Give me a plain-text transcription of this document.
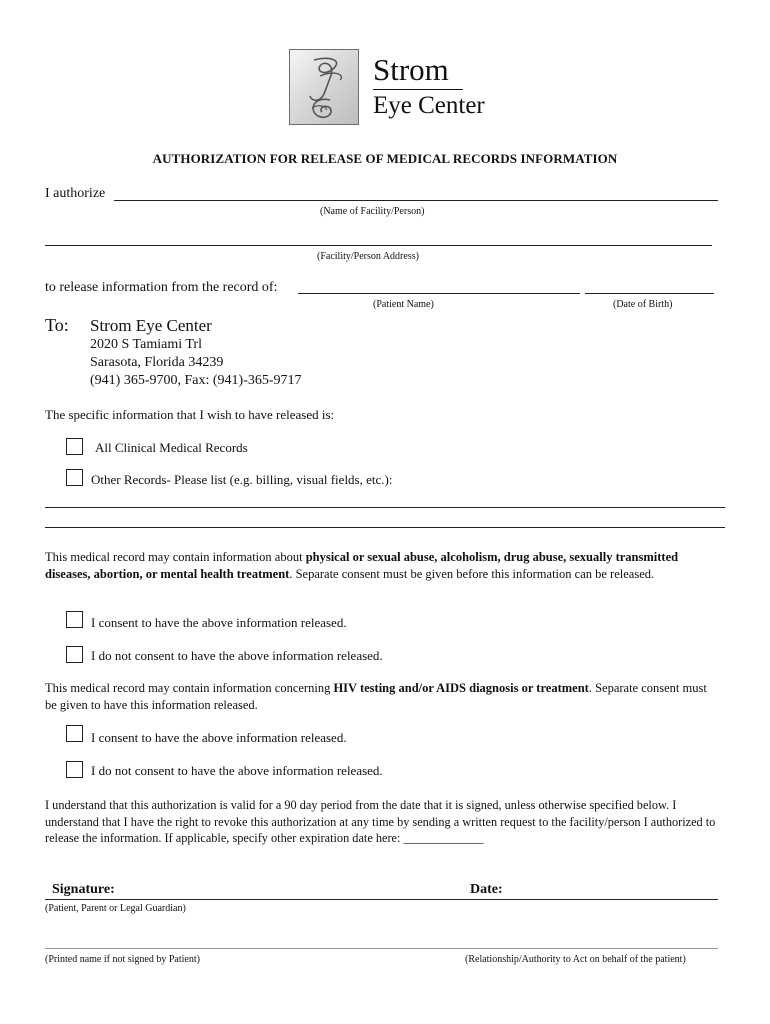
Strom
Eye Center
AUTHORIZATION FOR RELEASE OF MEDICAL RECORDS INFORMATION
I authorize
(Name of Facility/Person)
(Facility/Person Address)
to release information from the record of:
(Patient Name)	(Date of Birth)
To: Strom Eye Center
2020 S Tamiami Trl
Sarasota, Florida 34239
(941) 365-9700, Fax: (941)-365-9717
The specific information that I wish to have released is:
All Clinical Medical Records
Other Records- Please list (e.g. billing, visual fields, etc.):
This medical record may contain information about physical or sexual abuse, alcoholism, drug abuse, sexually transmitted diseases, abortion, or mental health treatment. Separate consent must be given before this information can be released.
I consent to have the above information released.
I do not consent to have the above information released.
This medical record may contain information concerning HIV testing and/or AIDS diagnosis or treatment. Separate consent must be given to have this information released.
I consent to have the above information released.
I do not consent to have the above information released.
I understand that this authorization is valid for a 90 day period from the date that it is signed, unless otherwise specified below. I understand that I have the right to revoke this authorization at any time by sending a written request to the facility/person I authorized to release the information. If applicable, specify other expiration date here: _____________
Signature:	Date:
(Patient, Parent or Legal Guardian)
(Printed name if not signed by Patient)	(Relationship/Authority to Act on behalf of the patient)
